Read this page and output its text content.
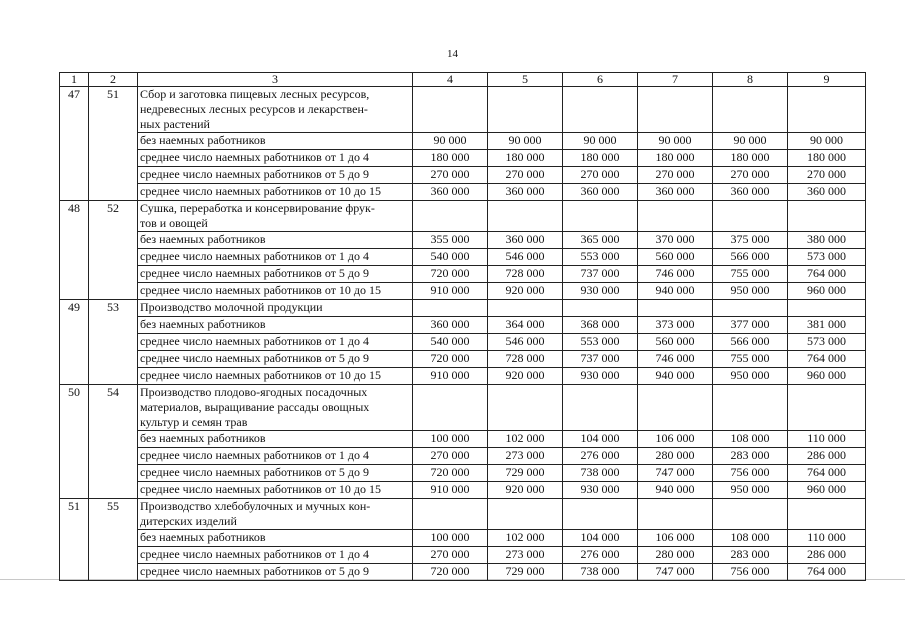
14
1	2	3	4	5	6	7	8	9
47	51	Сбор и заготовка пищевых лесных ресурсов,
недревесных лесных ресурсов и лекарствен-
ных растений						

		без наемных работников	90 000	90 000	90 000	90 000	90 000	90 000
		среднее число наемных работников от 1 до 4	180 000	180 000	180 000	180 000	180 000	180 000
		среднее число наемных работников от 5 до 9	270 000	270 000	270 000	270 000	270 000	270 000
		среднее число наемных работников от 10 до 15	360 000	360 000	360 000	360 000	360 000	360 000
48	52	Сушка, переработка и консервирование фрук-
тов и овощей						

		без наемных работников	355 000	360 000	365 000	370 000	375 000	380 000
		среднее число наемных работников от 1 до 4	540 000	546 000	553 000	560 000	566 000	573 000
		среднее число наемных работников от 5 до 9	720 000	728 000	737 000	746 000	755 000	764 000
		среднее число наемных работников от 10 до 15	910 000	920 000	930 000	940 000	950 000	960 000
49	53	Производство молочной продукции						

		без наемных работников	360 000	364 000	368 000	373 000	377 000	381 000
		среднее число наемных работников от 1 до 4	540 000	546 000	553 000	560 000	566 000	573 000
		среднее число наемных работников от 5 до 9	720 000	728 000	737 000	746 000	755 000	764 000
		среднее число наемных работников от 10 до 15	910 000	920 000	930 000	940 000	950 000	960 000
50	54	Производство плодово-ягодных посадочных
материалов, выращивание рассады овощных
культур и семян трав						

		без наемных работников	100 000	102 000	104 000	106 000	108 000	110 000
		среднее число наемных работников от 1 до 4	270 000	273 000	276 000	280 000	283 000	286 000
		среднее число наемных работников от 5 до 9	720 000	729 000	738 000	747 000	756 000	764 000
		среднее число наемных работников от 10 до 15	910 000	920 000	930 000	940 000	950 000	960 000
51	55	Производство хлебобулочных и мучных кон-
дитерских изделий						

		без наемных работников	100 000	102 000	104 000	106 000	108 000	110 000
		среднее число наемных работников от 1 до 4	270 000	273 000	276 000	280 000	283 000	286 000
		среднее число наемных работников от 5 до 9	720 000	729 000	738 000	747 000	756 000	764 000
